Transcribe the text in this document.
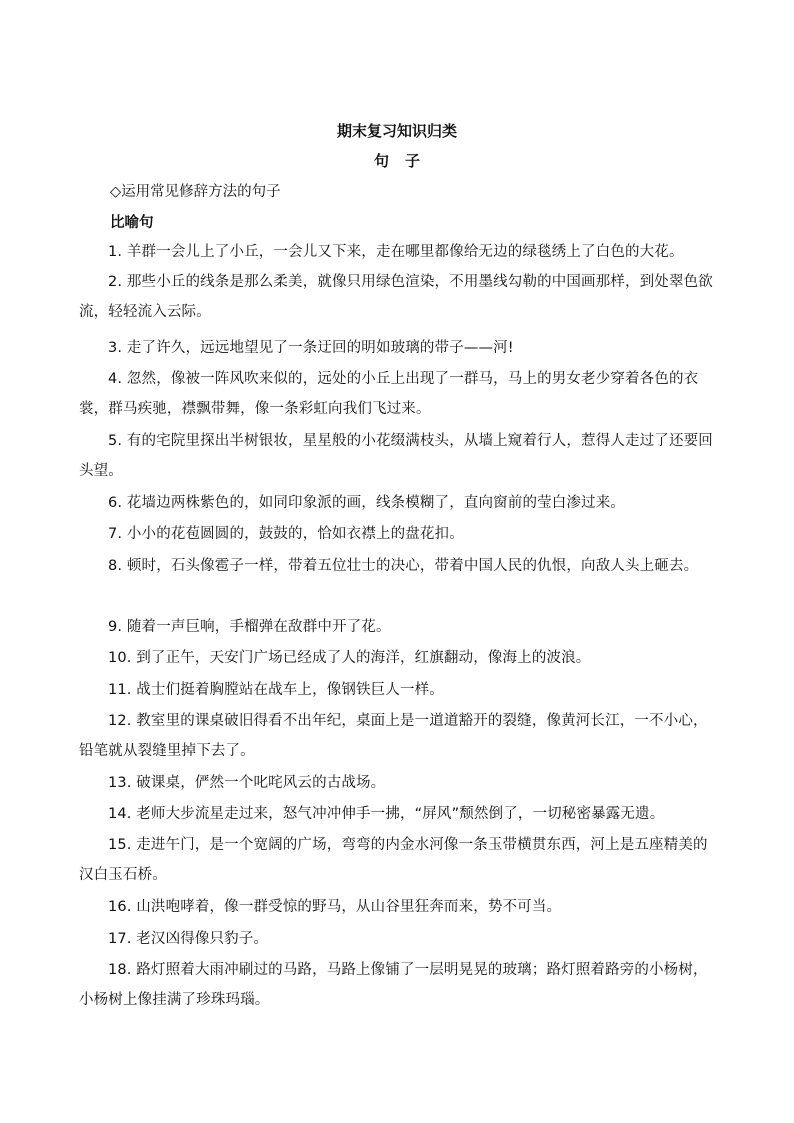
期末复习知识归类
句 子
◇运用常见修辞方法的句子
比喻句
1. 羊群一会儿上了小丘，一会儿又下来，走在哪里都像给无边的绿毯绣上了白色的大花。
2. 那些小丘的线条是那么柔美，就像只用绿色渲染，不用墨线勾勒的中国画那样，到处翠色欲流，轻轻流入云际。
3. 走了许久，远远地望见了一条迂回的明如玻璃的带子——河!
4. 忽然，像被一阵风吹来似的，远处的小丘上出现了一群马，马上的男女老少穿着各色的衣裳，群马疾驰，襟飘带舞，像一条彩虹向我们飞过来。
5. 有的宅院里探出半树银妆，星星般的小花缀满枝头，从墙上窥着行人，惹得人走过了还要回头望。
6. 花墙边两株紫色的，如同印象派的画，线条模糊了，直向窗前的莹白渗过来。
7. 小小的花苞圆圆的，鼓鼓的，恰如衣襟上的盘花扣。
8. 顿时，石头像雹子一样，带着五位壮士的决心，带着中国人民的仇恨，向敌人头上砸去。
9. 随着一声巨响，手榴弹在敌群中开了花。
10. 到了正午，天安门广场已经成了人的海洋，红旗翻动，像海上的波浪。
11. 战士们挺着胸膛站在战车上，像钢铁巨人一样。
12. 教室里的课桌破旧得看不出年纪，桌面上是一道道豁开的裂缝，像黄河长江，一不小心，铅笔就从裂缝里掉下去了。
13. 破课桌，俨然一个叱咤风云的古战场。
14. 老师大步流星走过来，怒气冲冲伸手一拂，“屏风”颓然倒了，一切秘密暴露无遗。
15. 走进午门，是一个宽阔的广场，弯弯的内金水河像一条玉带横贯东西，河上是五座精美的汉白玉石桥。
16. 山洪咆哮着，像一群受惊的野马，从山谷里狂奔而来，势不可当。
17. 老汉凶得像只豹子。
18. 路灯照着大雨冲刷过的马路，马路上像铺了一层明晃晃的玻璃；路灯照着路旁的小杨树，小杨树上像挂满了珍珠玛瑙。
